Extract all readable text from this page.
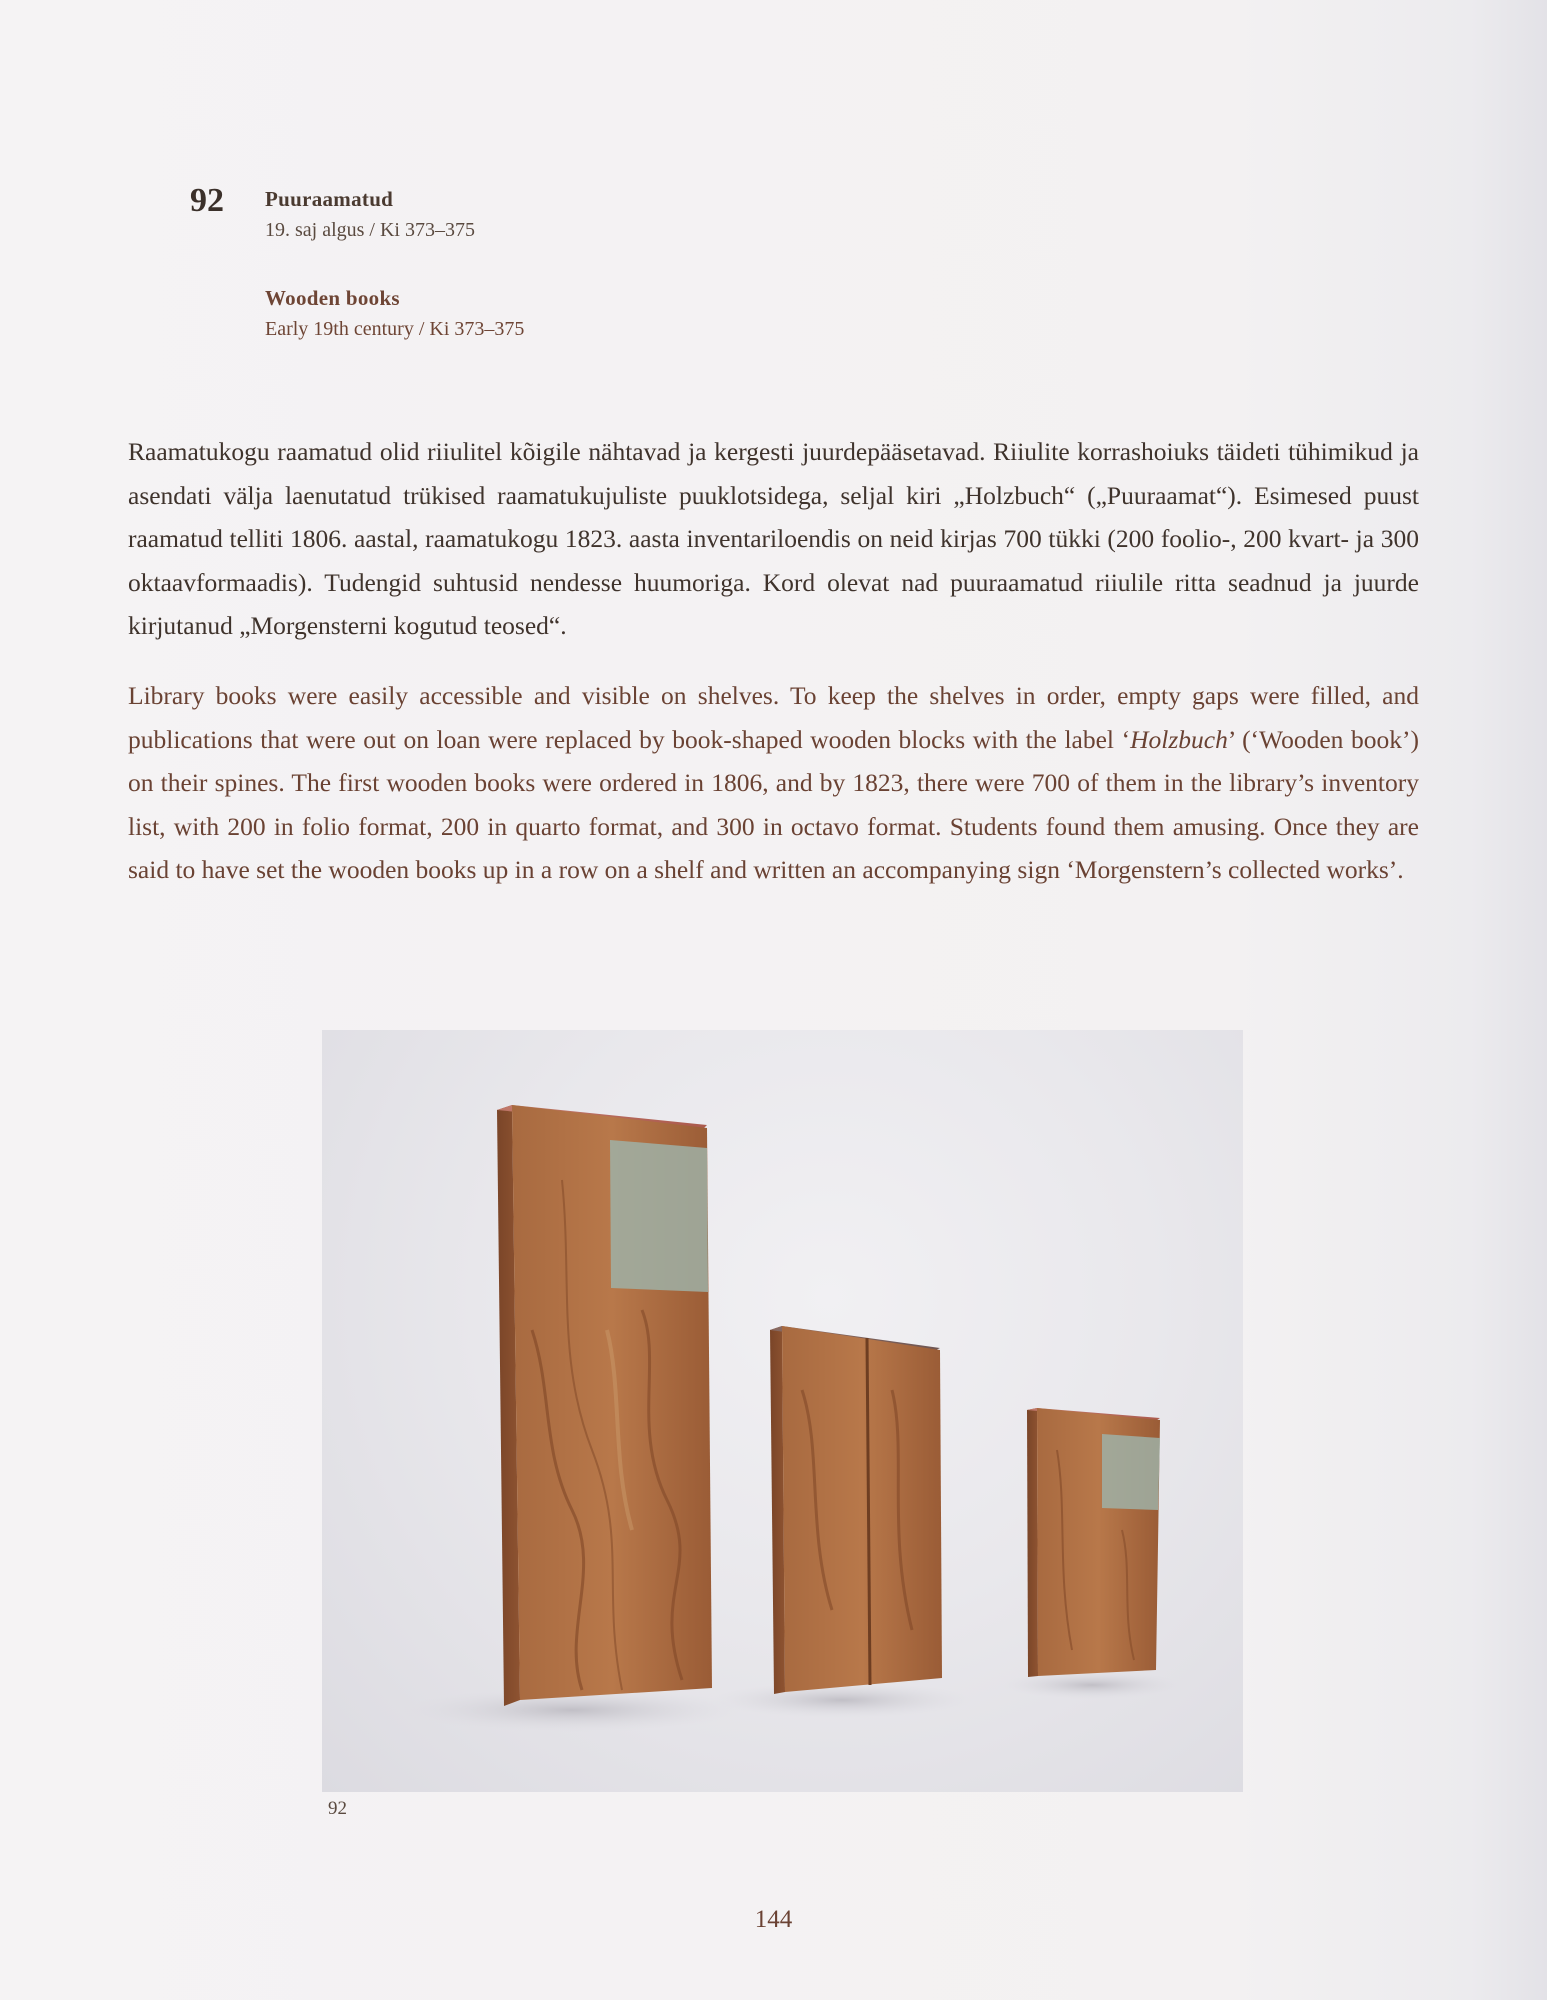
92 Puuraamatud
19. saj algus / Ki 373–375
Wooden books
Early 19th century / Ki 373–375

Raamatukogu raamatud olid riiulitel kõigile nähtavad ja kergesti juurdepääsetavad. Riiulite korrashoiuks täideti tühimikud ja asendati välja laenutatud trükised raamatukujuliste puuklotsidega, seljal kiri „Holzbuch“ („Puuraamat“). Esimesed puust raamatud telliti 1806. aastal, raamatukogu 1823. aasta inventariloendis on neid kirjas 700 tükki (200 foolio-, 200 kvart- ja 300 oktaavformaadis). Tudengid suhtusid nendesse huumoriga. Kord olevat nad puuraamatud riiulile ritta seadnud ja juurde kirjutanud „Morgensterni kogutud teosed“.

Library books were easily accessible and visible on shelves. To keep the shelves in order, empty gaps were filled, and publications that were out on loan were replaced by book-shaped wooden blocks with the label ‘Holzbuch’ (‘Wooden book’) on their spines. The first wooden books were ordered in 1806, and by 1823, there were 700 of them in the library’s inventory list, with 200 in folio format, 200 in quarto format, and 300 in octavo format. Students found them amusing. Once they are said to have set the wooden books up in a row on a shelf and written an accompanying sign ‘Morgenstern’s collected works’.

92
144
